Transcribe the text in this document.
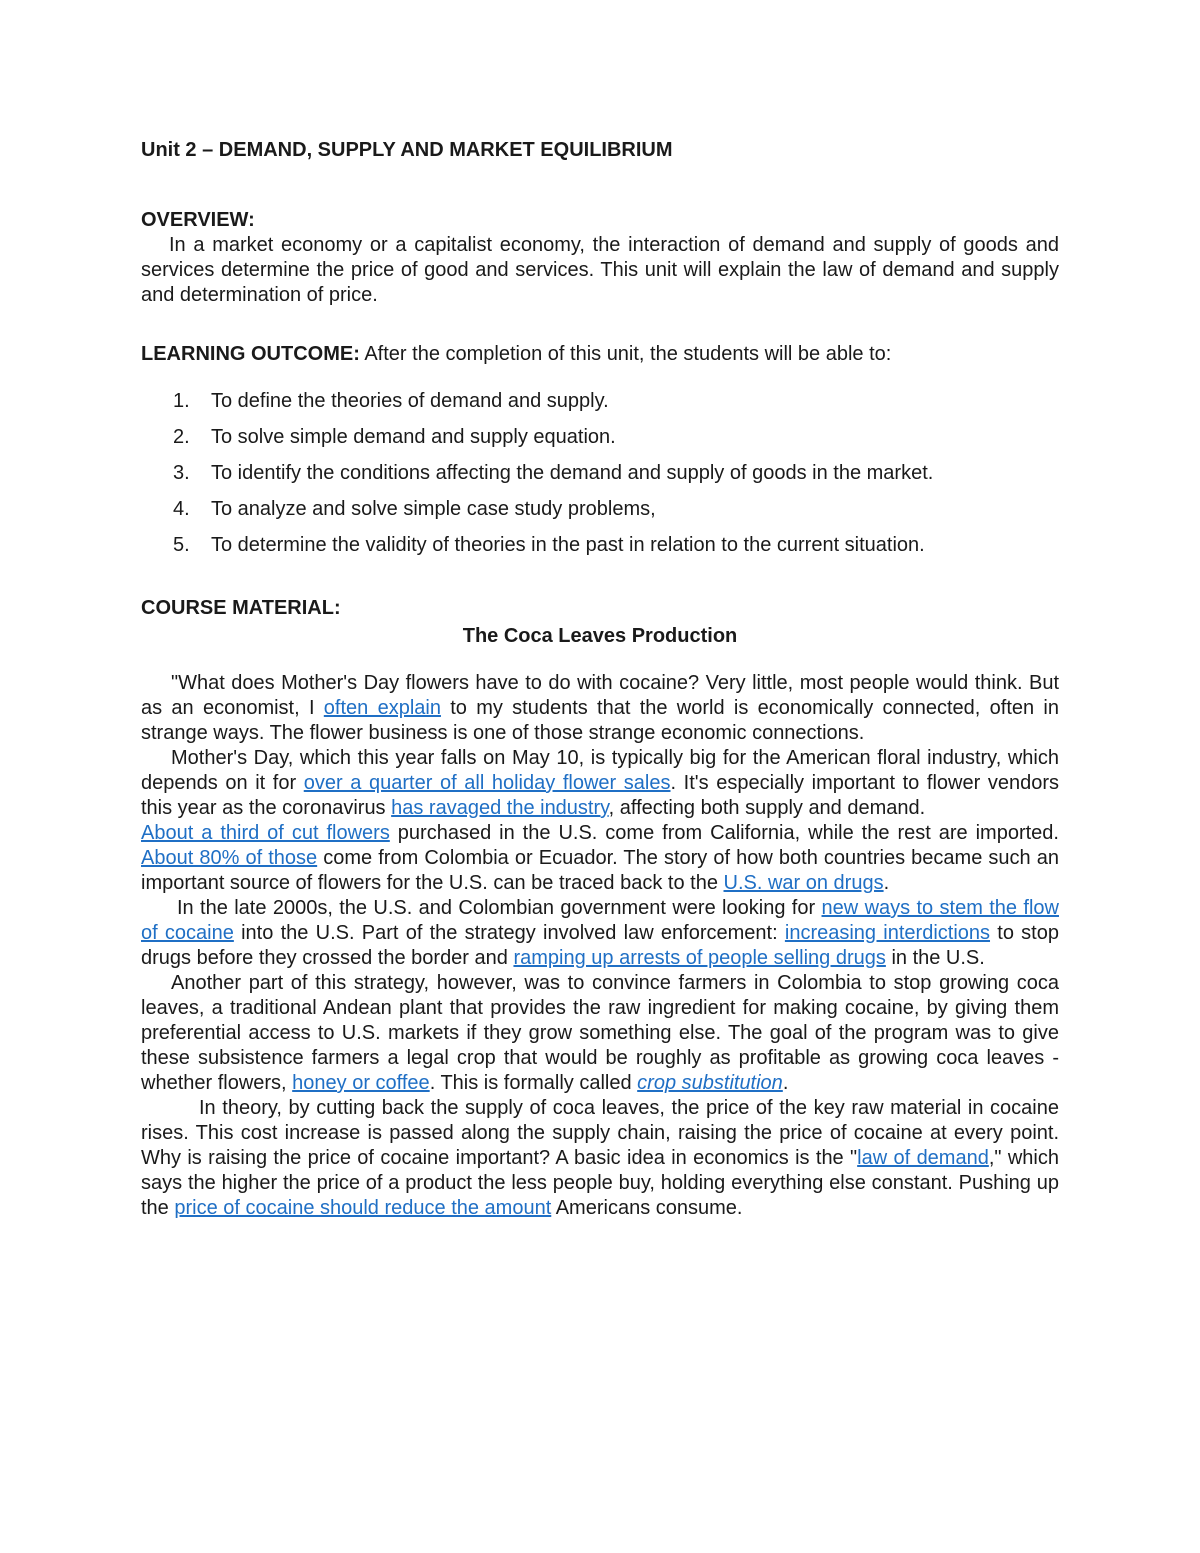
Unit 2 – DEMAND, SUPPLY AND MARKET EQUILIBRIUM
OVERVIEW:

In a market economy or a capitalist economy, the interaction of demand and supply of goods and services determine the price of good and services. This unit will explain the law of demand and supply and determination of price.

LEARNING OUTCOME: After the completion of this unit, the students will be able to:

1.	To define the theories of demand and supply.
2.	To solve simple demand and supply equation.
3.	To identify the conditions affecting the demand and supply of goods in the market.
4.	To analyze and solve simple case study problems,
5.	To determine the validity of theories in the past in relation to the current situation.
COURSE MATERIAL:
The Coca Leaves Production

"What does Mother's Day flowers have to do with cocaine? Very little, most people would think. But as an economist, I often explain to my students that the world is economically connected, often in strange ways. The flower business is one of those strange economic connections.

Mother's Day, which this year falls on May 10, is typically big for the American floral industry, which depends on it for over a quarter of all holiday flower sales. It's especially important to flower vendors this year as the coronavirus has ravaged the industry, affecting both supply and demand.

About a third of cut flowers purchased in the U.S. come from California, while the rest are imported. About 80% of those come from Colombia or Ecuador. The story of how both countries became such an important source of flowers for the U.S. can be traced back to the U.S. war on drugs.

In the late 2000s, the U.S. and Colombian government were looking for new ways to stem the flow of cocaine into the U.S. Part of the strategy involved law enforcement: increasing interdictions to stop drugs before they crossed the border and ramping up arrests of people selling drugs in the U.S.

Another part of this strategy, however, was to convince farmers in Colombia to stop growing coca leaves, a traditional Andean plant that provides the raw ingredient for making cocaine, by giving them preferential access to U.S. markets if they grow something else. The goal of the program was to give these subsistence farmers a legal crop that would be roughly as profitable as growing coca leaves - whether flowers, honey or coffee. This is formally called crop substitution.

In theory, by cutting back the supply of coca leaves, the price of the key raw material in cocaine rises. This cost increase is passed along the supply chain, raising the price of cocaine at every point. Why is raising the price of cocaine important? A basic idea in economics is the "law of demand," which says the higher the price of a product the less people buy, holding everything else constant. Pushing up the price of cocaine should reduce the amount Americans consume.
